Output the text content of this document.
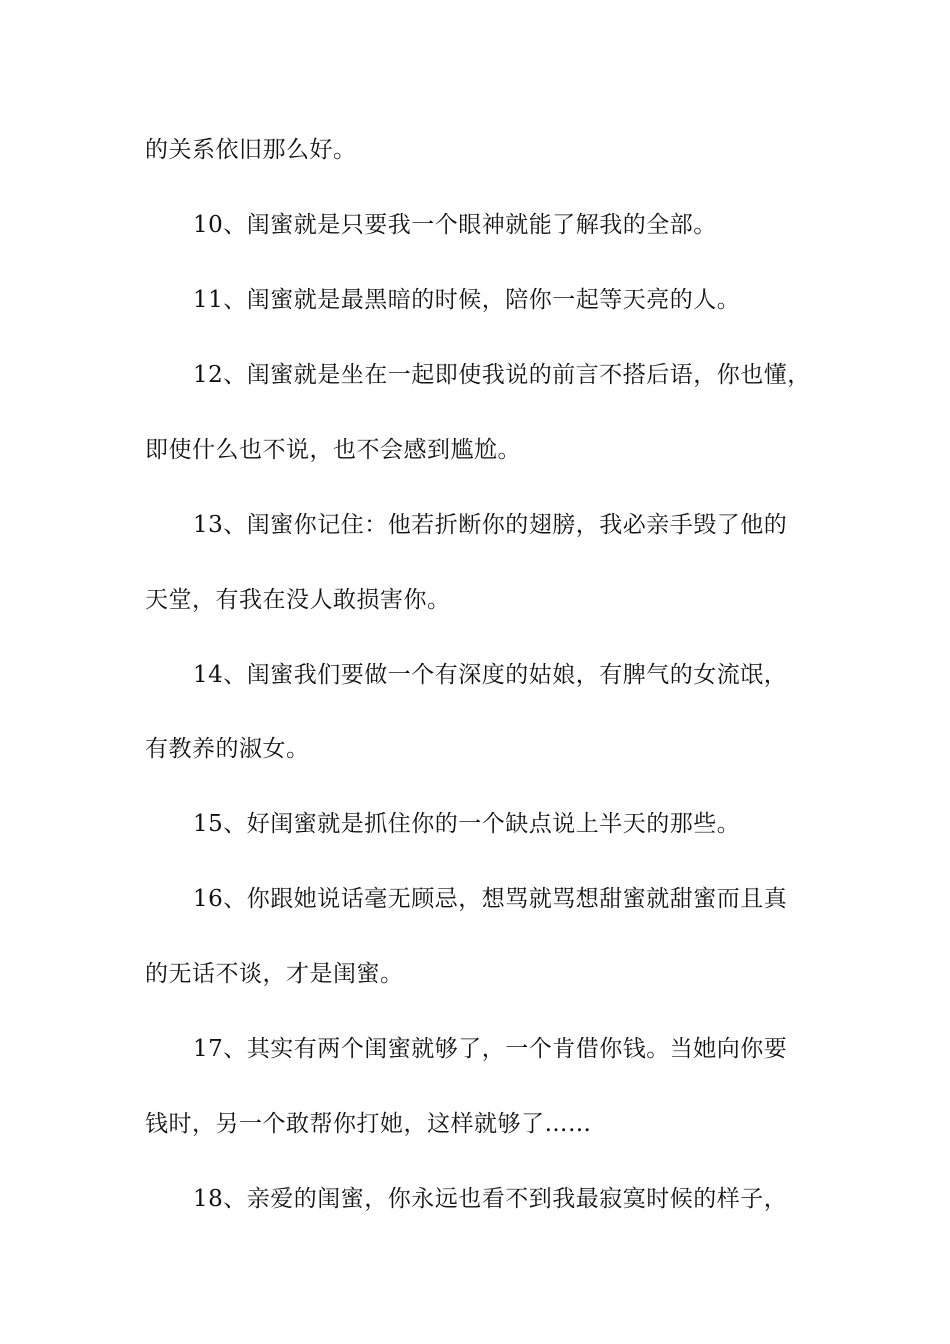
的关系依旧那么好。
10、闺蜜就是只要我一个眼神就能了解我的全部。
11、闺蜜就是最黑暗的时候，陪你一起等天亮的人。
12、闺蜜就是坐在一起即使我说的前言不搭后语，你也懂，
即使什么也不说，也不会感到尴尬。
13、闺蜜你记住：他若折断你的翅膀，我必亲手毁了他的
天堂，有我在没人敢损害你。
14、闺蜜我们要做一个有深度的姑娘，有脾气的女流氓，
有教养的淑女。
15、好闺蜜就是抓住你的一个缺点说上半天的那些。
16、你跟她说话毫无顾忌，想骂就骂想甜蜜就甜蜜而且真
的无话不谈，才是闺蜜。
17、其实有两个闺蜜就够了，一个肯借你钱。当她向你要
钱时，另一个敢帮你打她，这样就够了……
18、亲爱的闺蜜，你永远也看不到我最寂寞时候的样子，
